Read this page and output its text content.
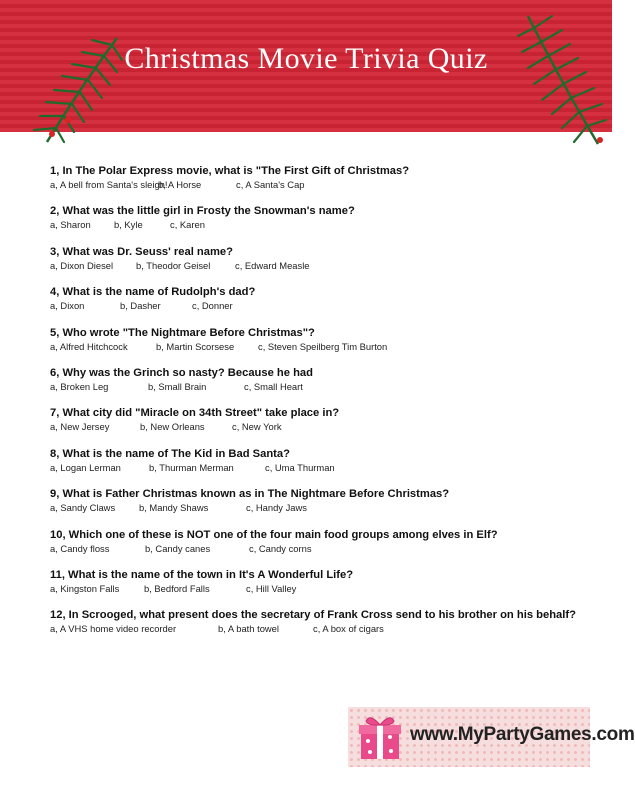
Christmas Movie Trivia Quiz
1, In The Polar Express movie, what is "The First Gift of Christmas?
a, A bell from Santa's sleigh!b, A Horse	c, A Santa's Cap
2, What was the little girl in Frosty the Snowman's name?
a, Sharon b, Kyle	c, Karen
3, What was Dr. Seuss' real name?
a, Dixon Diesel b, Theodor Geisel	c, Edward Measle
4, What is the name of Rudolph's dad?
a, Dixon	b, Dasher	c, Donner
5, Who wrote "The Nightmare Before Christmas"?
a, Alfred Hitchcock	b, Martin Scorsese	c, Steven Speilberg Tim Burton
6, Why was the Grinch so nasty? Because he had
a, Broken Leg	b, Small Brain	c, Small Heart
7, What city did "Miracle on 34th Street" take place in?
a, New Jersey	b, New Orleans	c, New York
8, What is the name of The Kid in Bad Santa?
a, Logan Lerman	b, Thurman Merman	c, Uma Thurman
9, What is Father Christmas known as in The Nightmare Before Christmas?
a, Sandy Claws	b, Mandy Shaws	c, Handy Jaws
10, Which one of these is NOT one of the four main food groups among elves in Elf?
a, Candy floss	b, Candy canes	c, Candy corns
11, What is the name of the town in It's A Wonderful Life?
a, Kingston Falls	b, Bedford Falls	c, Hill Valley
12, In Scrooged, what present does the secretary of Frank Cross send to his brother on his behalf?
a, A VHS home video recorder	b, A bath towel	c, A box of cigars
www.MyPartyGames.com
